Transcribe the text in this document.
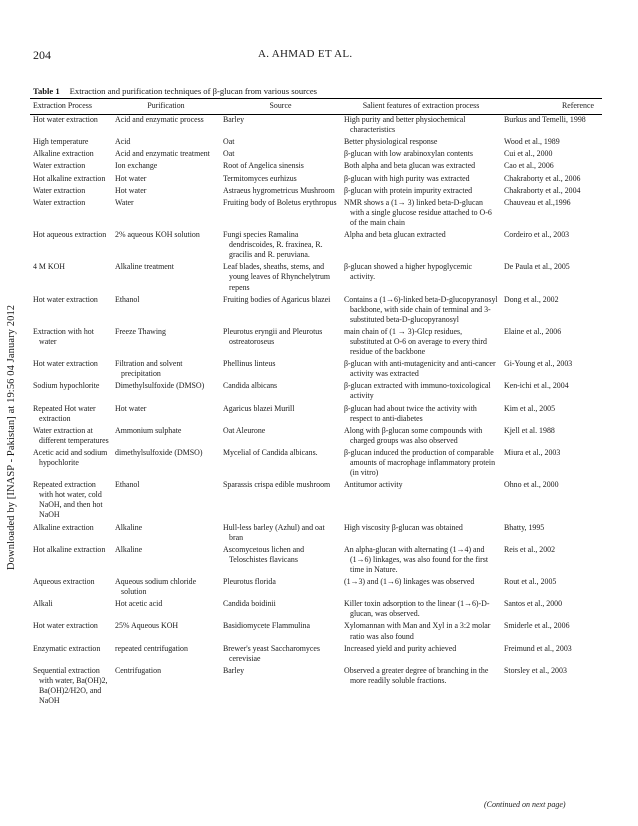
Downloaded by [INASP - Pakistan] at 19:56 04 January 2012
204	A. AHMAD ET AL.
Table 1 Extraction and purification techniques of β-glucan from various sources
Extraction Process	Purification	Source	Salient features of extraction process	Reference
Hot water extraction	Acid and enzymatic process	Barley	High purity and better physiochemical characteristics	Burkus and Temelli, 1998
High temperature	Acid	Oat	Better physiological response	Wood et al., 1989
Alkaline extraction	Acid and enzymatic treatment	Oat	β-glucan with low arabinoxylan contents	Cui et al., 2000
Water extraction	Ion exchange	Root of Angelica sinensis	Both alpha and beta glucan was extracted	Cao et al., 2006
Hot alkaline extraction	Hot water	Termitomyces eurhizus	β-glucan with high purity was extracted	Chakraborty et al., 2006
Water extraction	Hot water	Astraeus hygrometricus Mushroom	β-glucan with protein impurity extracted	Chakraborty et al., 2004
Water extraction	Water	Fruiting body of Boletus erythropus	NMR shows a (1→ 3) linked beta-D-glucan with a single glucose residue attached to O-6 of the main chain	Chauveau et al.,1996
Hot aqueous extraction	2% aqueous KOH solution	Fungi species Ramalina dendriscoides, R. fraxinea, R. gracilis and R. peruviana.	Alpha and beta glucan extracted	Cordeiro et al., 2003
4 M KOH	Alkaline treatment	Leaf blades, sheaths, stems, and young leaves of Rhynchelytrum repens	β-glucan showed a higher hypoglycemic activity.	De Paula et al., 2005
Hot water extraction	Ethanol	Fruiting bodies of Agaricus blazei	Contains a (1→6)-linked beta-D-glucopyranosyl backbone, with side chain of terminal and 3-substituted beta-D-glucopyranosyl	Dong et al., 2002
Extraction with hot water	Freeze Thawing	Pleurotus eryngii and Pleurotus ostreatoroseus	main chain of (1 → 3)-Glcp residues, substituted at O-6 on average to every third residue of the backbone	Elaine et al., 2006
Hot water extraction	Filtration and solvent precipitation	Phellinus linteus	β-glucan with anti-mutagenicity and anti-cancer activity was extracted	Gi-Young et al., 2003
Sodium hypochlorite	Dimethylsulfoxide (DMSO)	Candida albicans	β-glucan extracted with immuno-toxicological activity	Ken-ichi et al., 2004
Repeated Hot water extraction	Hot water	Agaricus blazei Murill	β-glucan had about twice the activity with respect to anti-diabetes	Kim et al., 2005
Water extraction at different temperatures	Ammonium sulphate	Oat Aleurone	Along with β-glucan some compounds with charged groups was also observed	Kjell et al. 1988
Acetic acid and sodium hypochlorite	dimethylsulfoxide (DMSO)	Mycelial of Candida albicans.	β-glucan induced the production of comparable amounts of macrophage inflammatory protein (in vitro)	Miura et al., 2003
Repeated extraction with hot water, cold NaOH, and then hot NaOH	Ethanol	Sparassis crispa edible mushroom	Antitumor activity	Ohno et al., 2000
Alkaline extraction	Alkaline	Hull-less barley (Azhul) and oat bran	High viscosity β-glucan was obtained	Bhatty, 1995
Hot alkaline extraction	Alkaline	Ascomycetous lichen and Teloschistes flavicans	An alpha-glucan with alternating (1→4) and (1→6) linkages, was also found for the first time in Nature.	Reis et al., 2002
Aqueous extraction	Aqueous sodium chloride solution	Pleurotus florida	(1→3) and (1→6) linkages was observed	Rout et al., 2005
Alkali	Hot acetic acid	Candida boidinii	Killer toxin adsorption to the linear (1→6)-D-glucan, was observed.	Santos et al., 2000
Hot water extraction	25% Aqueous KOH	Basidiomycete Flammulina	Xylomannan with Man and Xyl in a 3:2 molar ratio was also found	Smiderle et al., 2006
Enzymatic extraction	repeated centrifugation	Brewer's yeast Saccharomyces cerevisiae	Increased yield and purity achieved	Freimund et al., 2003
Sequential extraction with water, Ba(OH)2, Ba(OH)2/H2O, and NaOH	Centrifugation	Barley	Observed a greater degree of branching in the more readily soluble fractions.	Storsley et al., 2003
(Continued on next page)
